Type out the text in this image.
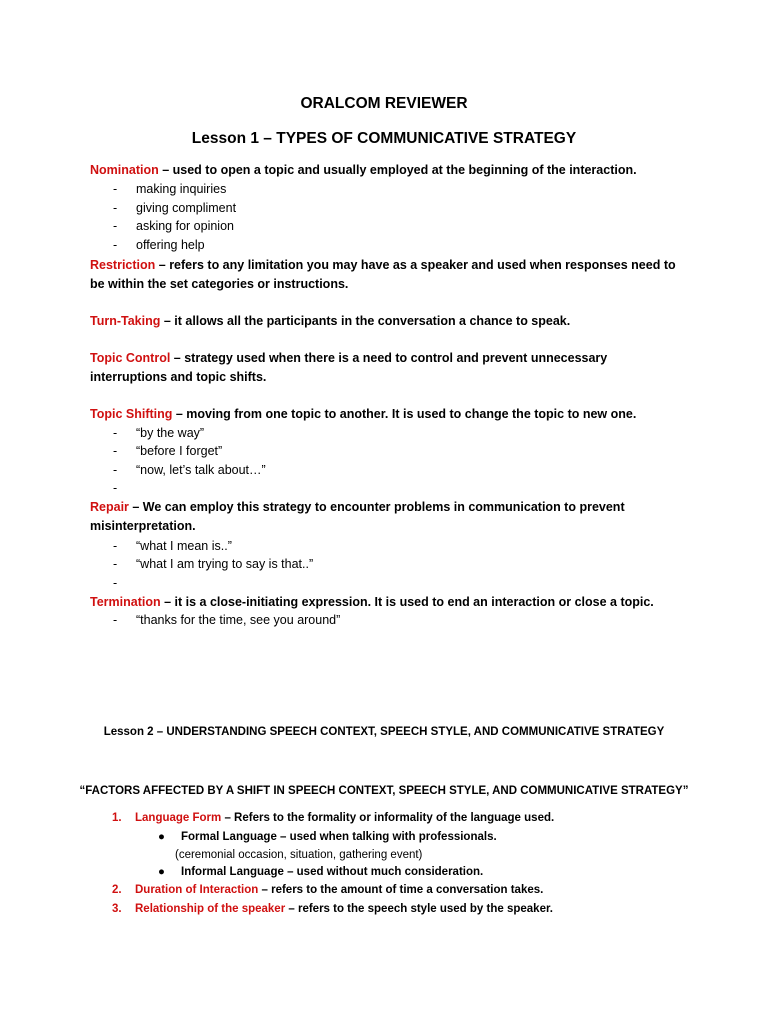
ORALCOM REVIEWER
Lesson 1 – TYPES OF COMMUNICATIVE STRATEGY
Nomination – used to open a topic and usually employed at the beginning of the interaction.
- making inquiries
- giving compliment
- asking for opinion
- offering help
Restriction – refers to any limitation you may have as a speaker and used when responses need to be within the set categories or instructions.
Turn-Taking – it allows all the participants in the conversation a chance to speak.
Topic Control – strategy used when there is a need to control and prevent unnecessary interruptions and topic shifts.
Topic Shifting – moving from one topic to another. It is used to change the topic to new one.
- “by the way”
- “before I forget”
- “now, let’s talk about…”
-
Repair – We can employ this strategy to encounter problems in communication to prevent misinterpretation.
- “what I mean is..”
- “what I am trying to say is that..”
-
Termination – it is a close-initiating expression. It is used to end an interaction or close a topic.
- “thanks for the time, see you around”
Lesson 2 – UNDERSTANDING SPEECH CONTEXT, SPEECH STYLE, AND COMMUNICATIVE STRATEGY
“FACTORS AFFECTED BY A SHIFT IN SPEECH CONTEXT, SPEECH STYLE, AND COMMUNICATIVE STRATEGY”
1. Language Form – Refers to the formality or informality of the language used.
● Formal Language – used when talking with professionals.
(ceremonial occasion, situation, gathering event)
● Informal Language – used without much consideration.
2. Duration of Interaction – refers to the amount of time a conversation takes.
3. Relationship of the speaker – refers to the speech style used by the speaker.
